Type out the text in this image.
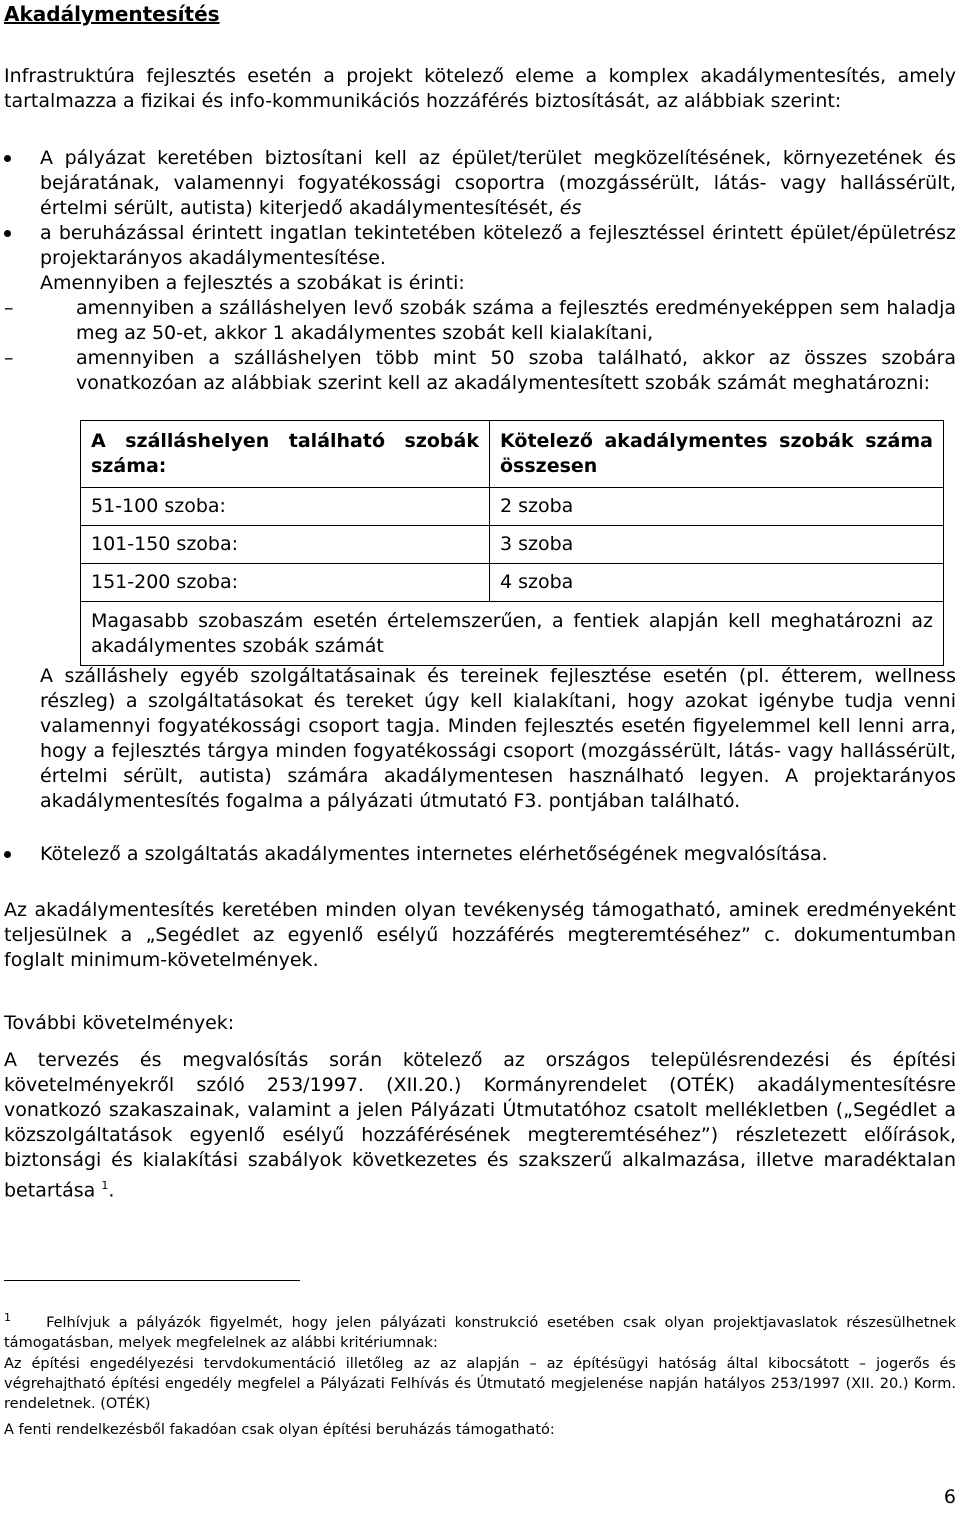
Akadálymentesítés
Infrastruktúra fejlesztés esetén a projekt kötelező eleme a komplex akadálymentesítés, amely tartalmazza a fizikai és info-kommunikációs hozzáférés biztosítását, az alábbiak szerint:
A pályázat keretében biztosítani kell az épület/terület megközelítésének, környezetének és bejáratának, valamennyi fogyatékossági csoportra (mozgássérült, látás- vagy hallássérült, értelmi sérült, autista) kiterjedő akadálymentesítését, és
a beruházással érintett ingatlan tekintetében kötelező a fejlesztéssel érintett épület/épületrész projektarányos akadálymentesítése.
Amennyiben a fejlesztés a szobákat is érinti:
–	amennyiben a szálláshelyen levő szobák száma a fejlesztés eredményeképpen sem haladja meg az 50-et, akkor 1 akadálymentes szobát kell kialakítani,
–	amennyiben a szálláshelyen több mint 50 szoba található, akkor az összes szobára vonatkozóan az alábbiak szerint kell az akadálymentesített szobák számát meghatározni:
A szálláshelyen található szobák száma:	Kötelező akadálymentes szobák száma összesen
51-100 szoba:	2 szoba
101-150 szoba:	3 szoba
151-200 szoba:	4 szoba
Magasabb szobaszám esetén értelemszerűen, a fentiek alapján kell meghatározni az akadálymentes szobák számát	
A szálláshely egyéb szolgáltatásainak és tereinek fejlesztése esetén (pl. étterem, wellness részleg) a szolgáltatásokat és tereket úgy kell kialakítani, hogy azokat igénybe tudja venni valamennyi fogyatékossági csoport tagja. Minden fejlesztés esetén figyelemmel kell lenni arra, hogy a fejlesztés tárgya minden fogyatékossági csoport (mozgássérült, látás- vagy hallássérült, értelmi sérült, autista) számára akadálymentesen használható legyen. A projektarányos akadálymentesítés fogalma a pályázati útmutató F3. pontjában található.
Kötelező a szolgáltatás akadálymentes internetes elérhetőségének megvalósítása.
Az akadálymentesítés keretében minden olyan tevékenység támogatható, aminek eredményeként teljesülnek a „Segédlet az egyenlő esélyű hozzáférés megteremtéséhez” c. dokumentumban foglalt minimum-követelmények.
További követelmények:
A tervezés és megvalósítás során kötelező az országos településrendezési és építési követelményekről szóló 253/1997. (XII.20.) Kormányrendelet (OTÉK) akadálymentesítésre vonatkozó szakaszainak, valamint a jelen Pályázati Útmutatóhoz csatolt mellékletben („Segédlet a közszolgáltatások egyenlő esélyű hozzáférésének megteremtéséhez”) részletezett előírások, biztonsági és kialakítási szabályok következetes és szakszerű alkalmazása, illetve maradéktalan betartása $^1$.
$^1$ Felhívjuk a pályázók figyelmét, hogy jelen pályázati konstrukció esetében csak olyan projektjavaslatok részesülhetnek támogatásban, melyek megfelelnek az alábbi kritériumnak:
Az építési engedélyezési tervdokumentáció illetőleg az az alapján – az építésügyi hatóság által kibocsátott – jogerős és végrehajtható építési engedély megfelel a Pályázati Felhívás és Útmutató megjelenése napján hatályos 253/1997 (XII. 20.) Korm. rendeletnek. (OTÉK)
A fenti rendelkezésből fakadóan csak olyan építési beruházás támogatható:
6
